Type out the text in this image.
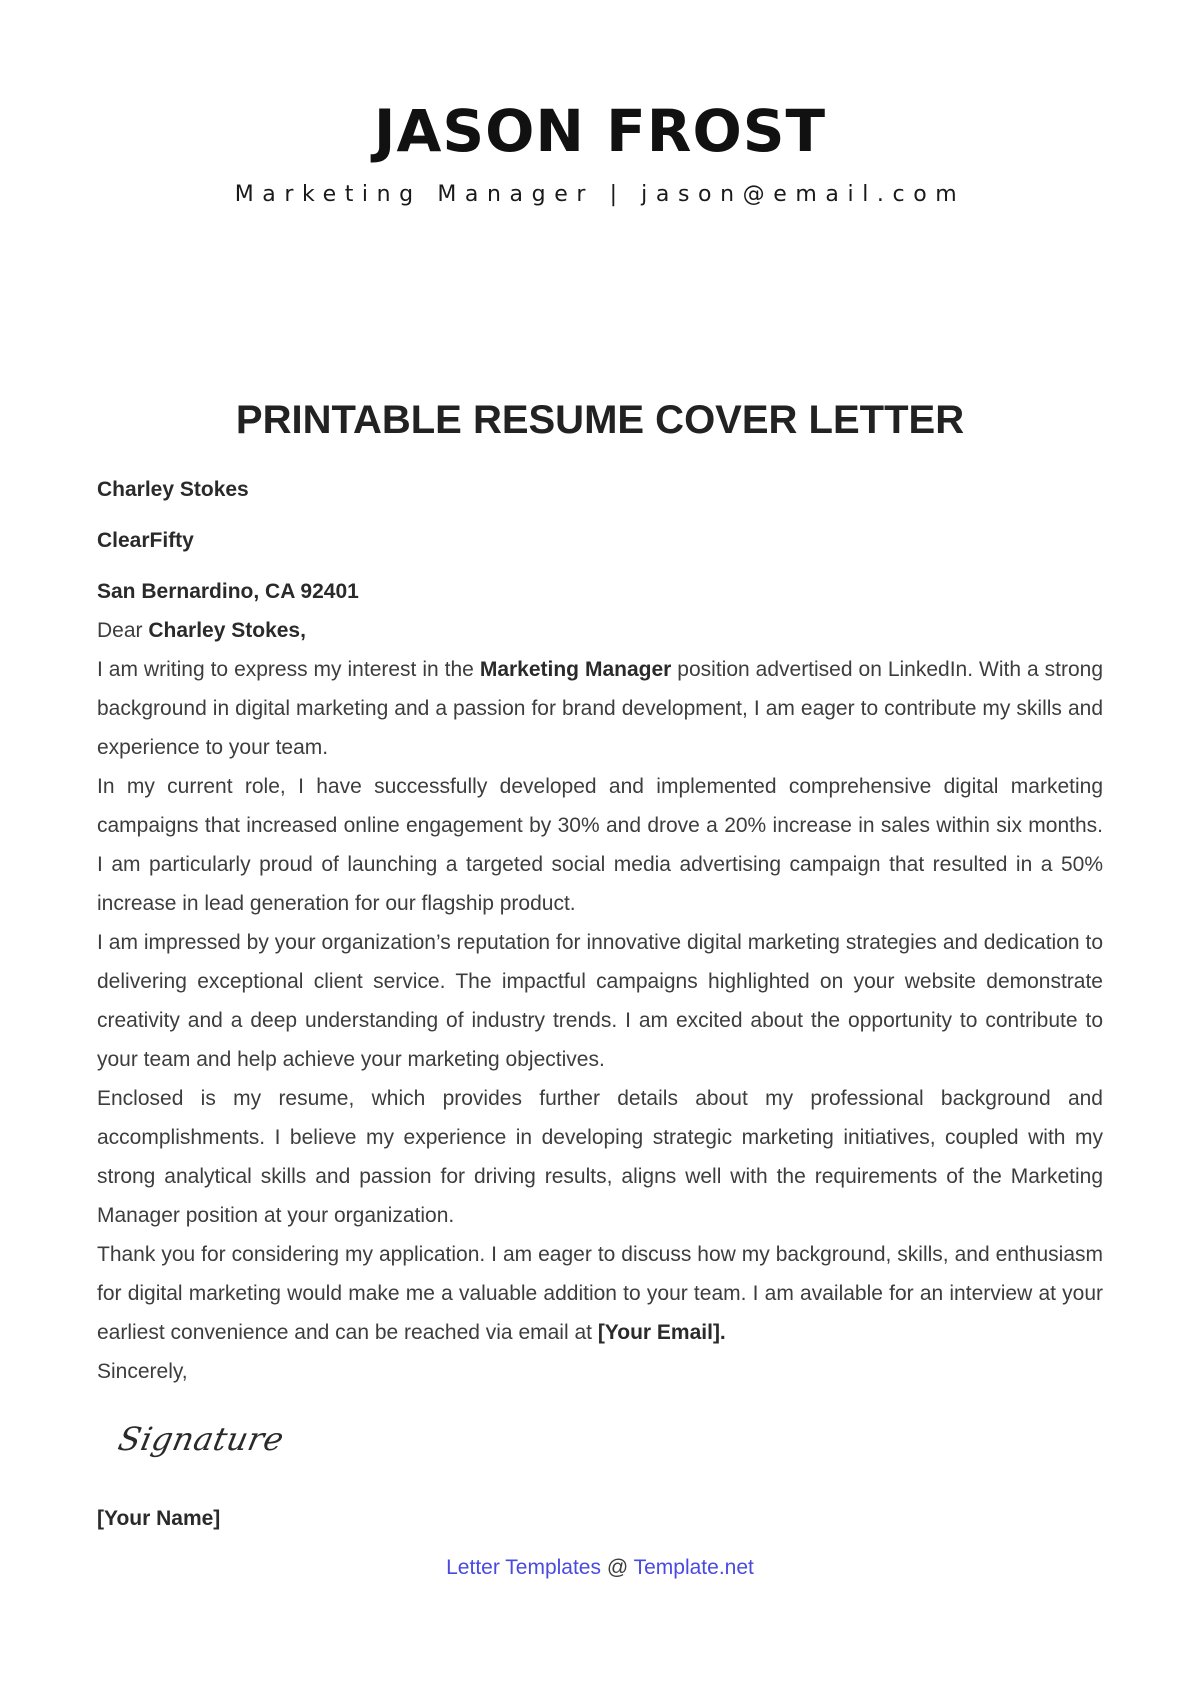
JASON FROST
Marketing Manager | jason@email.com
PRINTABLE RESUME COVER LETTER

Charley Stokes

ClearFifty

San Bernardino, CA 92401

Dear Charley Stokes,

I am writing to express my interest in the Marketing Manager position advertised on LinkedIn. With a strong background in digital marketing and a passion for brand development, I am eager to contribute my skills and experience to your team.

In my current role, I have successfully developed and implemented comprehensive digital marketing campaigns that increased online engagement by 30% and drove a 20% increase in sales within six months. I am particularly proud of launching a targeted social media advertising campaign that resulted in a 50% increase in lead generation for our flagship product.

I am impressed by your organization’s reputation for innovative digital marketing strategies and dedication to delivering exceptional client service. The impactful campaigns highlighted on your website demonstrate creativity and a deep understanding of industry trends. I am excited about the opportunity to contribute to your team and help achieve your marketing objectives.

Enclosed is my resume, which provides further details about my professional background and accomplishments. I believe my experience in developing strategic marketing initiatives, coupled with my strong analytical skills and passion for driving results, aligns well with the requirements of the Marketing Manager position at your organization.

Thank you for considering my application. I am eager to discuss how my background, skills, and enthusiasm for digital marketing would make me a valuable addition to your team. I am available for an interview at your earliest convenience and can be reached via email at [Your Email].

Sincerely,

Signature
[Your Name]
Letter Templates @ Template.net
